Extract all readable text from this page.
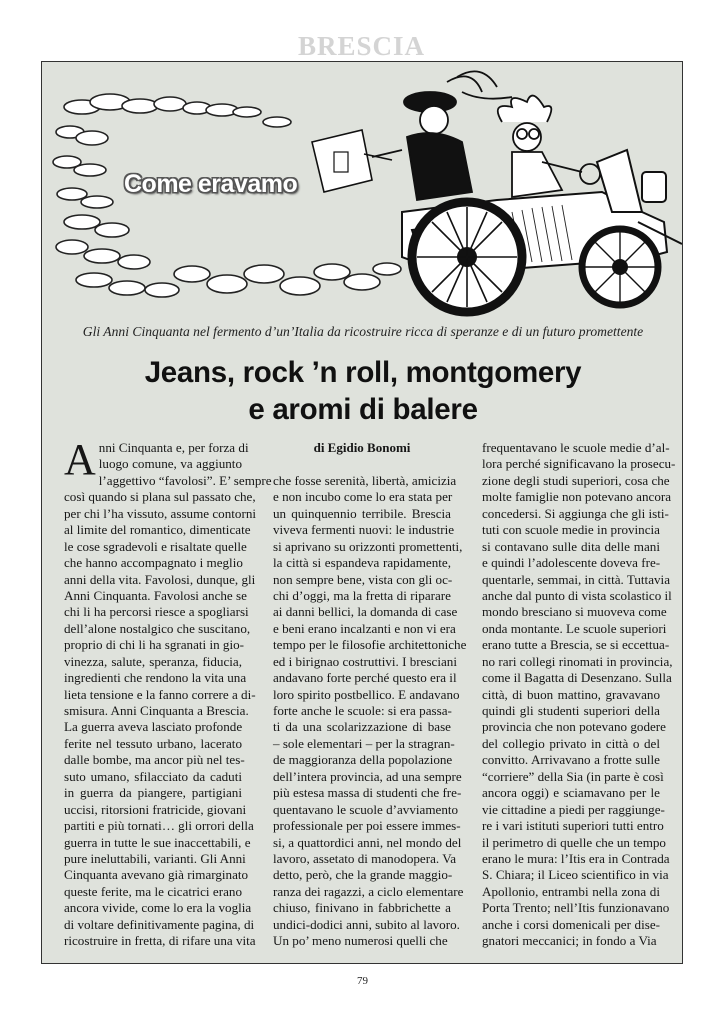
BRESCIA
Come eravamo
Gli Anni Cinquanta nel fermento d’un’Italia da ricostruire ricca di speranze e di un futuro promettente
Jeans, rock ’n roll, montgomery
e aromi di balere
A nni Cinquanta e, per forza di
luogo comune, va aggiunto
l’aggettivo “favolosi”. E’ sempre
così quando si plana sul passato che,
per chi l’ha vissuto, assume contorni
al limite del romantico, dimenticate
le cose sgradevoli e risaltate quelle
che hanno accompagnato i meglio
anni della vita. Favolosi, dunque, gli
Anni Cinquanta. Favolosi anche se
chi li ha percorsi riesce a spogliarsi
dell’alone nostalgico che suscitano,
proprio di chi li ha sgranati in gio-
vinezza, salute, speranza, fiducia,
ingredienti che rendono la vita una
lieta tensione e la fanno correre a di-
smisura. Anni Cinquanta a Brescia.
La guerra aveva lasciato profonde
ferite nel tessuto urbano, lacerato
dalle bombe, ma ancor più nel tes-
suto umano, sfilacciato da caduti
in guerra da piangere, partigiani
uccisi, ritorsioni fratricide, giovani
partiti e più tornati… gli orrori della
guerra in tutte le sue inaccettabili, e
pure ineluttabili, varianti. Gli Anni
Cinquanta avevano già rimarginato
queste ferite, ma le cicatrici erano
ancora vivide, come lo era la voglia
di voltare definitivamente pagina, di
ricostruire in fretta, di rifare una vita
di Egidio Bonomi
che fosse serenità, libertà, amicizia
e non incubo come lo era stata per
un quinquennio terribile. Brescia
viveva fermenti nuovi: le industrie
si aprivano su orizzonti promettenti,
la città si espandeva rapidamente,
non sempre bene, vista con gli oc-
chi d’oggi, ma la fretta di riparare
ai danni bellici, la domanda di case
e beni erano incalzanti e non vi era
tempo per le filosofie architettoniche
ed i birignao costruttivi. I bresciani
andavano forte perché questo era il
loro spirito postbellico. E andavano
forte anche le scuole: si era passa-
ti da una scolarizzazione di base
– sole elementari – per la stragran-
de maggioranza della popolazione
dell’intera provincia, ad una sempre
più estesa massa di studenti che fre-
quentavano le scuole d’avviamento
professionale per poi essere immes-
si, a quattordici anni, nel mondo del
lavoro, assetato di manodopera. Va
detto, però, che la grande maggio-
ranza dei ragazzi, a ciclo elementare
chiuso, finivano in fabbrichette a
undici-dodici anni, subito al lavoro.
Un po’ meno numerosi quelli che
frequentavano le scuole medie d’al-
lora perché significavano la prosecu-
zione degli studi superiori, cosa che
molte famiglie non potevano ancora
concedersi. Si aggiunga che gli isti-
tuti con scuole medie in provincia
si contavano sulle dita delle mani
e quindi l’adolescente doveva fre-
quentarle, semmai, in città. Tuttavia
anche dal punto di vista scolastico il
mondo bresciano si muoveva come
onda montante. Le scuole superiori
erano tutte a Brescia, se si eccettua-
no rari collegi rinomati in provincia,
come il Bagatta di Desenzano. Sulla
città, di buon mattino, gravavano
quindi gli studenti superiori della
provincia che non potevano godere
del collegio privato in città o del
convitto. Arrivavano a frotte sulle
“corriere” della Sia (in parte è così
ancora oggi) e sciamavano per le
vie cittadine a piedi per raggiunge-
re i vari istituti superiori tutti entro
il perimetro di quelle che un tempo
erano le mura: l’Itis era in Contrada
S. Chiara; il Liceo scientifico in via
Apollonio, entrambi nella zona di
Porta Trento; nell’Itis funzionavano
anche i corsi domenicali per dise-
gnatori meccanici; in fondo a Via
79
